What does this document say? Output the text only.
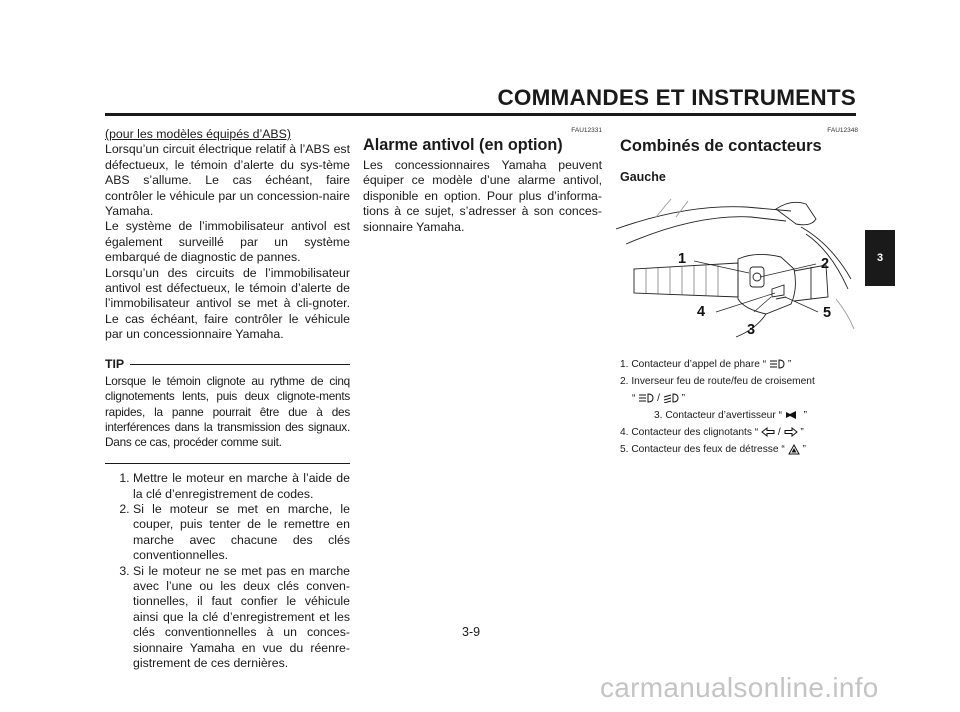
COMMANDES ET INSTRUMENTS
3

(pour les modèles équipés d’ABS)

Lorsqu’un circuit électrique relatif à l’ABS est défectueux, le témoin d’alerte du sys-tème ABS s’allume. Le cas échéant, faire contrôler le véhicule par un concession-naire Yamaha.

Le système de l’immobilisateur antivol est également surveillé par un système embarqué de diagnostic de pannes.

Lorsqu’un des circuits de l’immobilisateur antivol est défectueux, le témoin d’alerte de l’immobilisateur antivol se met à cli-gnoter. Le cas échéant, faire contrôler le véhicule par un concessionnaire Yamaha.

TIP

Lorsque le témoin clignote au rythme de cinq clignotements lents, puis deux clignote-ments rapides, la panne pourrait être due à des interférences dans la transmission des signaux. Dans ce cas, procéder comme suit.

1. Mettre le moteur en marche à l’aide de la clé d’enregistrement de codes.
2. Si le moteur se met en marche, le couper, puis tenter de le remettre en marche avec chacune des clés conventionnelles.
3. Si le moteur ne se met pas en marche avec l’une ou les deux clés conven-tionnelles, il faut confier le véhicule ainsi que la clé d’enregistrement et les clés conventionnelles à un conces-sionnaire Yamaha en vue du réenre-gistrement de ces dernières.
FAU12331
Alarme antivol (en option)

Les concessionnaires Yamaha peuvent équiper ce modèle d’une alarme antivol, disponible en option. Pour plus d’informa-tions à ce sujet, s’adresser à son conces-sionnaire Yamaha.

FAU12348
Combinés de contacteurs
Gauche
1	2
3
4	5
1. Contacteur d’appel de phare “ ”
2. Inverseur feu de route/feu de croisement
“ / ”
3. Contacteur d’avertisseur “ ”
4. Contacteur des clignotants “ / ”
5. Contacteur des feux de détresse “ ”
3-9
carmanualsonline.info
